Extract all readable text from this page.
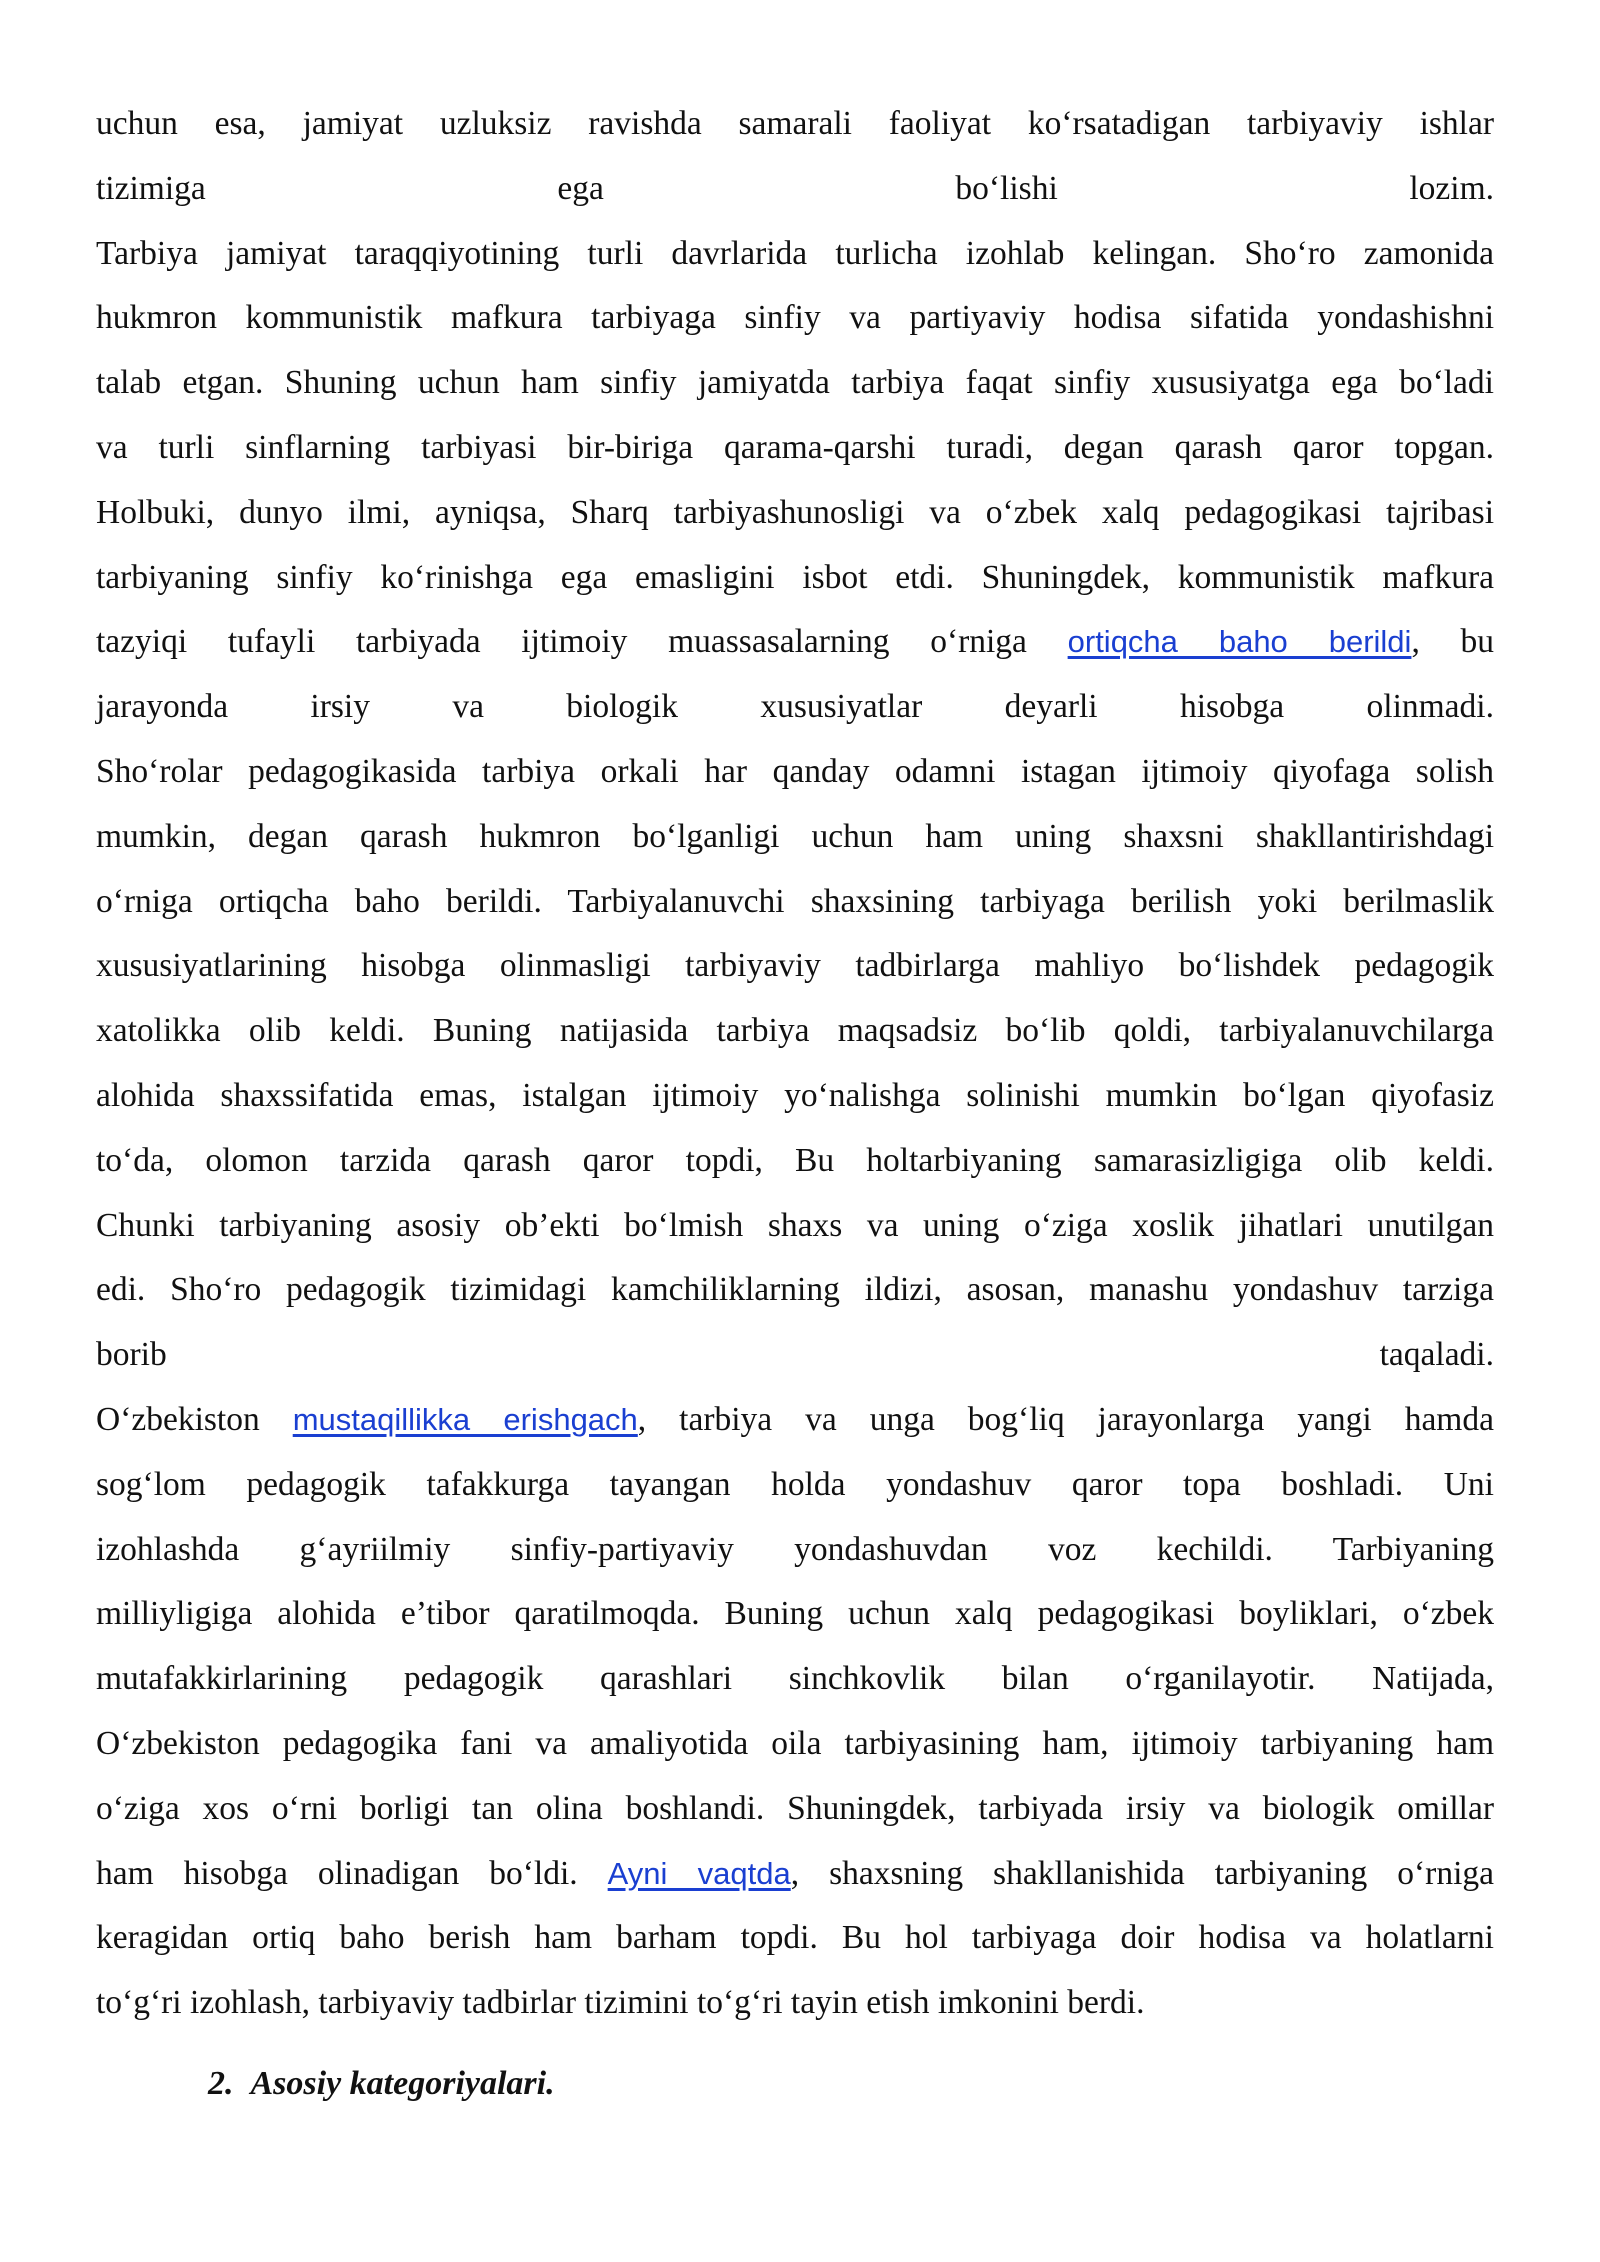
uchun esa, jamiyat uzluksiz ravishda samarali faoliyat ko‘rsatadigan tarbiyaviy ishlar
tizimiga ega bo‘lishi lozim.

Tarbiya jamiyat taraqqiyotining turli davrlarida turlicha izohlab kelingan. Sho‘ro zamonida
hukmron kommunistik mafkura tarbiyaga sinfiy va partiyaviy hodisa sifatida yondashishni
talab etgan. Shuning uchun ham sinfiy jamiyatda tarbiya faqat sinfiy xususiyatga ega bo‘ladi
va turli sinflarning tarbiyasi bir-biriga qarama-qarshi turadi, degan qarash qaror topgan.
Holbuki, dunyo ilmi, ayniqsa, Sharq tarbiyashunosligi va o‘zbek xalq pedagogikasi tajribasi
tarbiyaning sinfiy ko‘rinishga ega emasligini isbot etdi. Shuningdek, kommunistik mafkura
tazyiqi tufayli tarbiyada ijtimoiy muassasalarning o‘rniga ortiqcha baho berildi, bu
jarayonda irsiy va biologik xususiyatlar deyarli hisobga olinmadi.

Sho‘rolar pedagogikasida tarbiya orkali har qanday odamni istagan ijtimoiy qiyofaga solish
mumkin, degan qarash hukmron bo‘lganligi uchun ham uning shaxsni shakllantirishdagi
o‘rniga ortiqcha baho berildi. Tarbiyalanuvchi shaxsining tarbiyaga berilish yoki berilmaslik
xususiyatlarining hisobga olinmasligi tarbiyaviy tadbirlarga mahliyo bo‘lishdek pedagogik
xatolikka olib keldi. Buning natijasida tarbiya maqsadsiz bo‘lib qoldi, tarbiyalanuvchilarga
alohida shaxssifatida emas, istalgan ijtimoiy yo‘nalishga solinishi mumkin bo‘lgan qiyofasiz
to‘da, olomon tarzida qarash qaror topdi, Bu holtarbiyaning samarasizligiga olib keldi.
Chunki tarbiyaning asosiy ob’ekti bo‘lmish shaxs va uning o‘ziga xoslik jihatlari unutilgan
edi. Sho‘ro pedagogik tizimidagi kamchiliklarning ildizi, asosan, manashu yondashuv tarziga
borib taqaladi.

O‘zbekiston mustaqillikka erishgach, tarbiya va unga bog‘liq jarayonlarga yangi hamda
sog‘lom pedagogik tafakkurga tayangan holda yondashuv qaror topa boshladi. Uni
izohlashda g‘ayriilmiy sinfiy-partiyaviy yondashuvdan voz kechildi. Tarbiyaning
milliyligiga alohida e’tibor qaratilmoqda. Buning uchun xalq pedagogikasi boyliklari, o‘zbek
mutafakkirlarining pedagogik qarashlari sinchkovlik bilan o‘rganilayotir. Natijada,
O‘zbekiston pedagogika fani va amaliyotida oila tarbiyasining ham, ijtimoiy tarbiyaning ham
o‘ziga xos o‘rni borligi tan olina boshlandi. Shuningdek, tarbiyada irsiy va biologik omillar
ham hisobga olinadigan bo‘ldi. Ayni vaqtda, shaxsning shakllanishida tarbiyaning o‘rniga
keragidan ortiq baho berish ham barham topdi. Bu hol tarbiyaga doir hodisa va holatlarni
to‘g‘ri izohlash, tarbiyaviy tadbirlar tizimini to‘g‘ri tayin etish imkonini berdi.

2. Asosiy kategoriyalari.
